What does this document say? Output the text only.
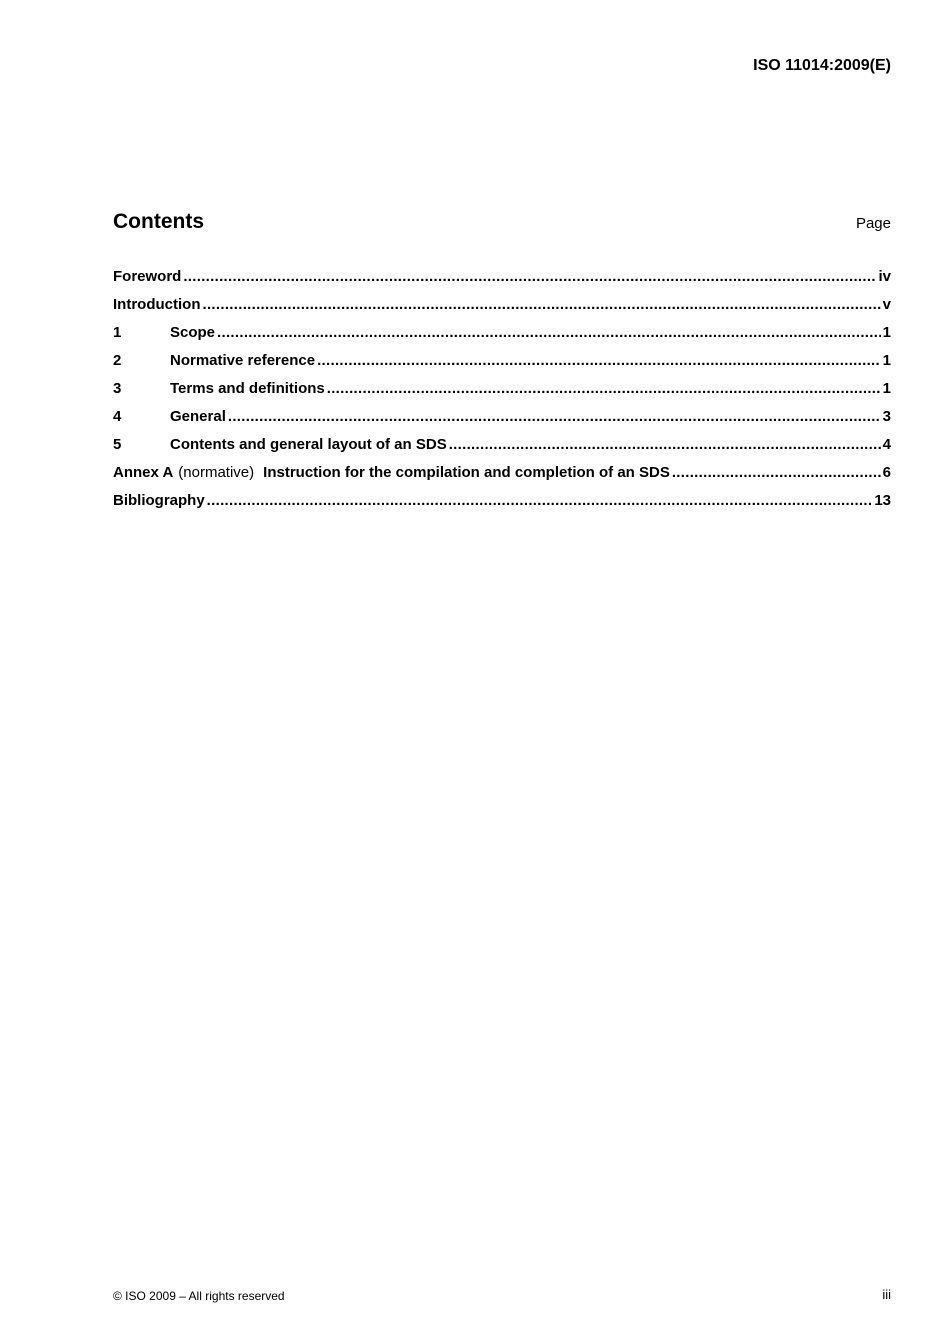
ISO 11014:2009(E)
Contents	Page
Foreword .....	iv
Introduction .....	v
1	Scope .....	1
2	Normative reference .....	1
3	Terms and definitions .....	1
4	General .....	3
5	Contents and general layout of an SDS .....	4
Annex A (normative) Instruction for the compilation and completion of an SDS .....	6
Bibliography .....	13
© ISO 2009 – All rights reserved	iii
